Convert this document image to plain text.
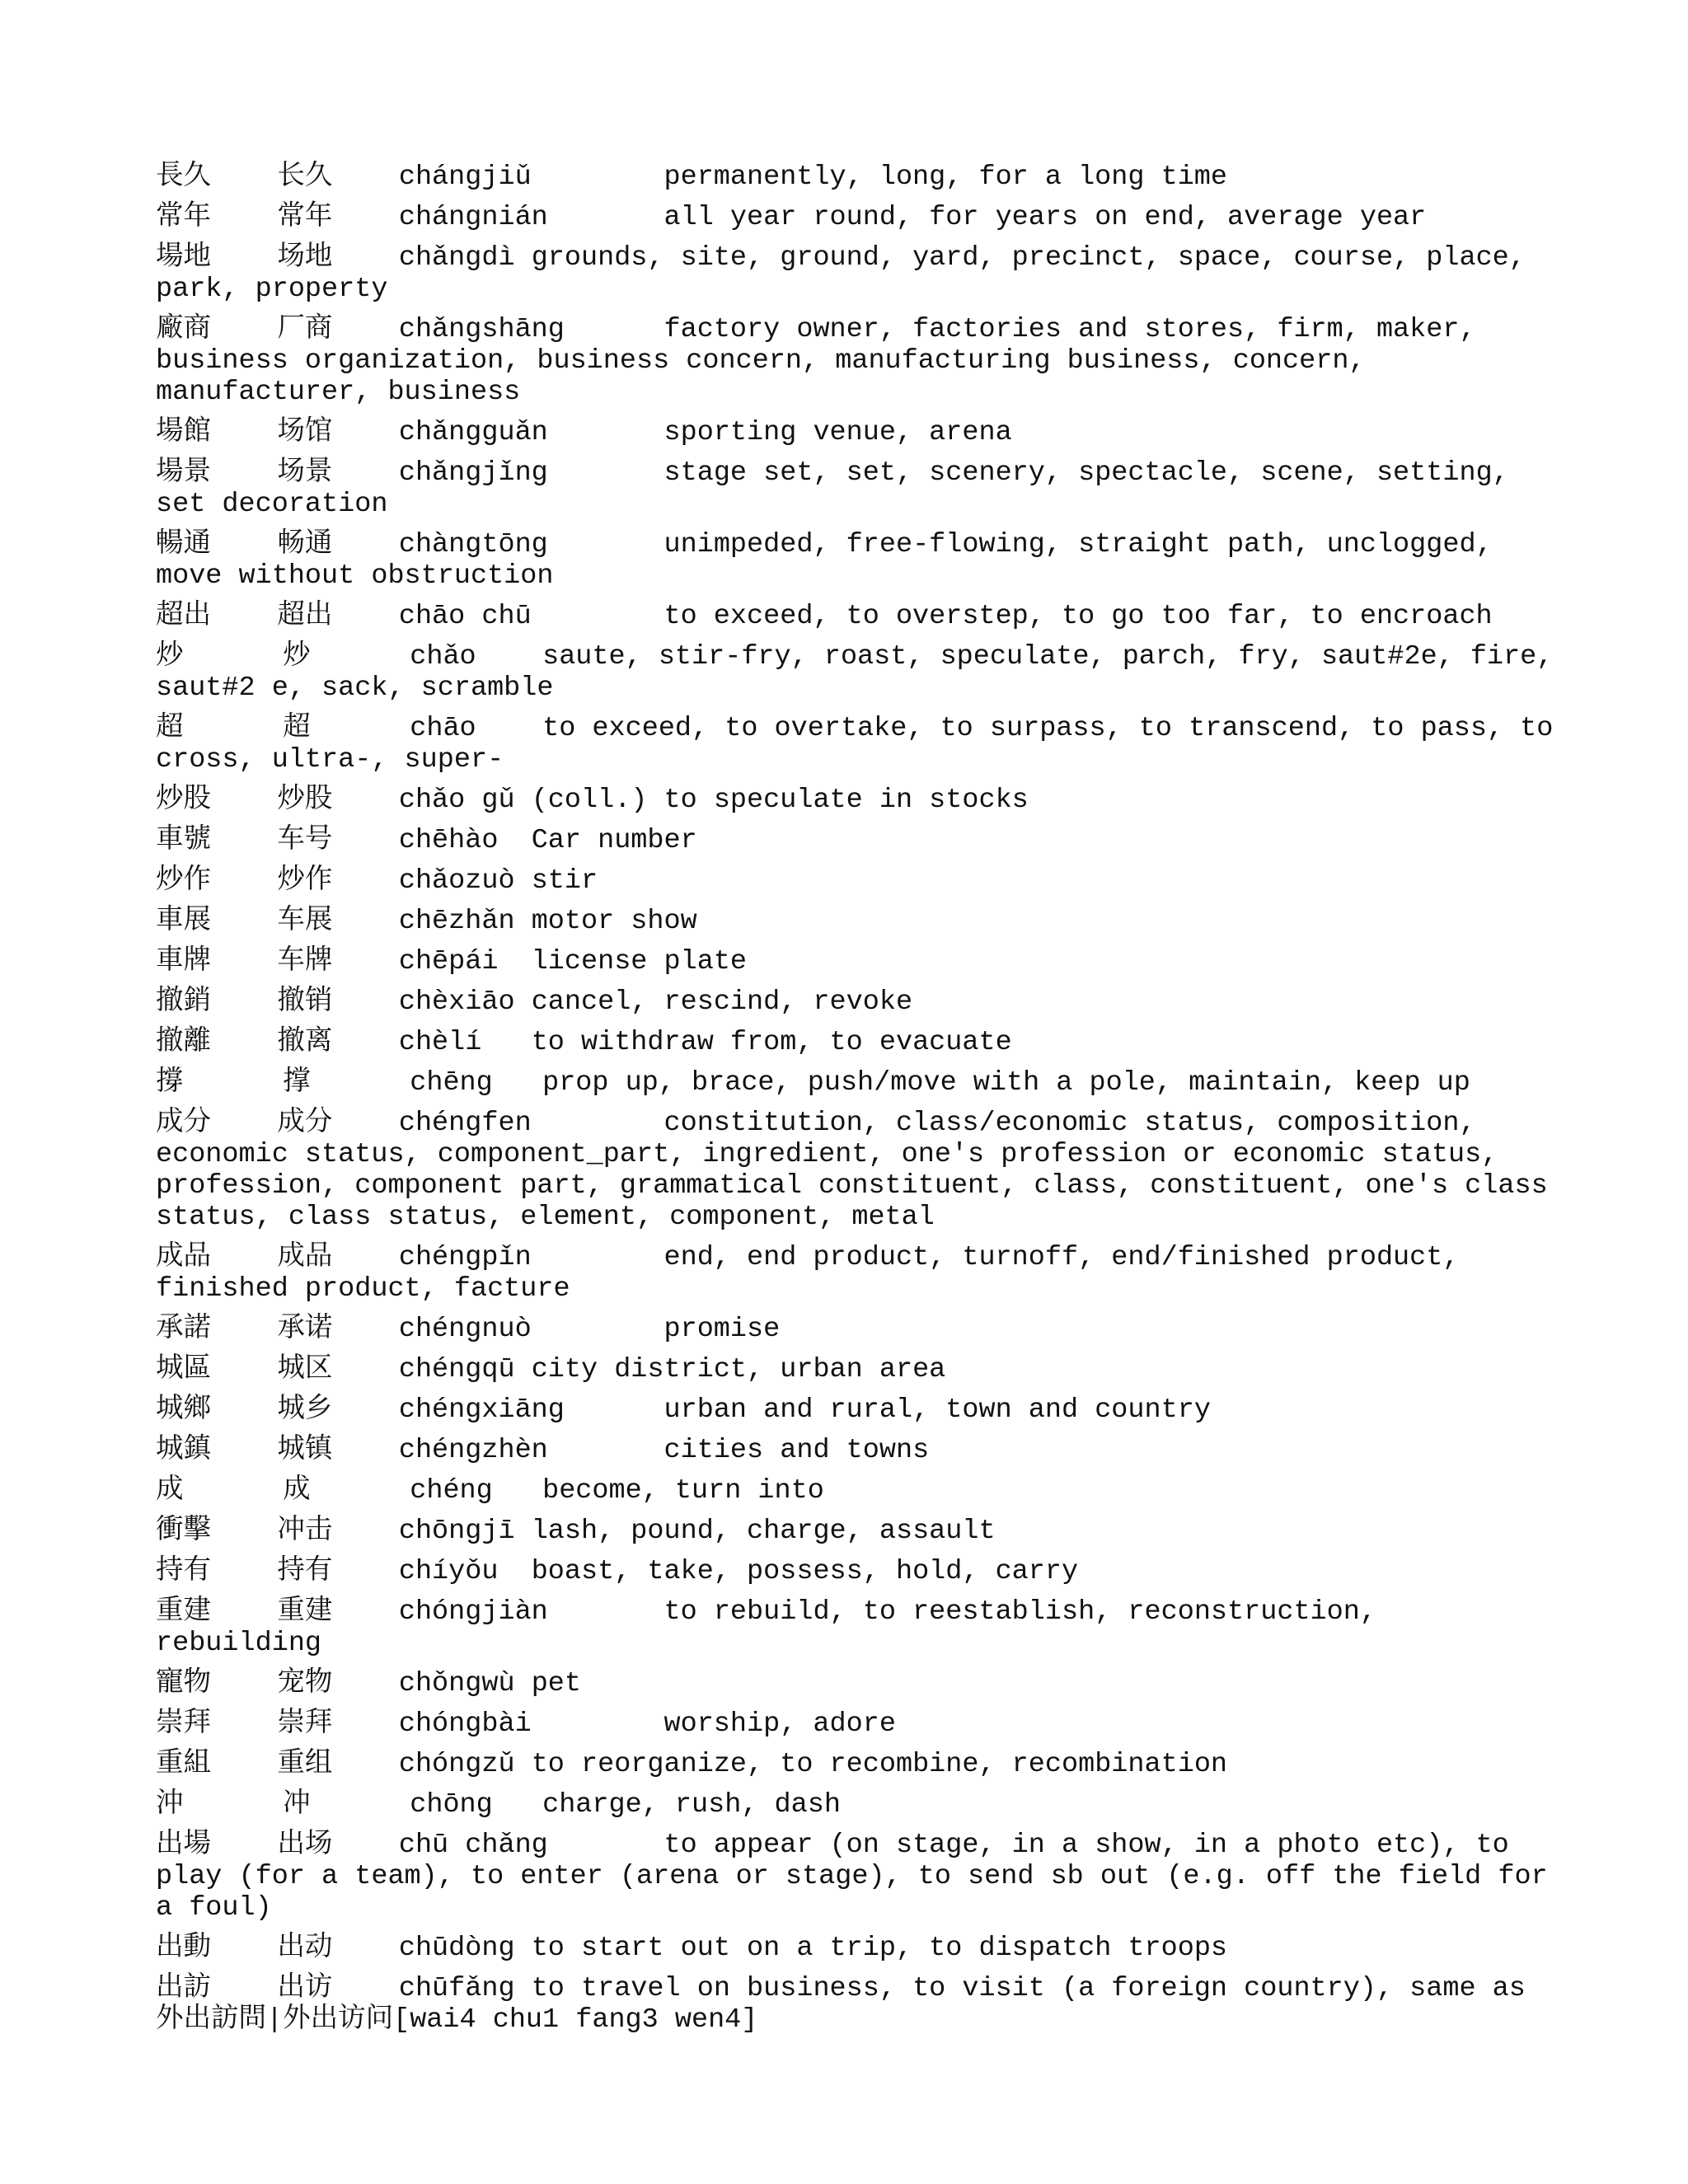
長久 长久 chángjiǔ	permanently, long, for a long time

常年 常年 chángnián	all year round, for years on end, average year

場地 场地 chǎngdì grounds, site, ground, yard, precinct, space, course, place, park, property

廠商 厂商 chǎngshāng	factory owner, factories and stores, firm, maker, business organization, business concern, manufacturing business, concern, manufacturer, business

場館 场馆 chǎngguǎn	sporting venue, arena

場景 场景 chǎngjǐng	stage set, set, scenery, spectacle, scene, setting, set decoration

暢通 畅通 chàngtōng	unimpeded, free-flowing, straight path, unclogged, move without obstruction

超出 超出 chāo chū	to exceed, to overstep, to go too far, to encroach

炒	炒	chǎo saute, stir-fry, roast, speculate, parch, fry, saut#2e, fire, saut#2 e, sack, scramble

超	超	chāo to exceed, to overtake, to surpass, to transcend, to pass, to cross, ultra-, super-

炒股 炒股 chǎo gǔ (coll.) to speculate in stocks

車號 车号 chēhào Car number

炒作 炒作 chǎozuò stir

車展 车展 chēzhǎn motor show

車牌 车牌 chēpái license plate

撤銷 撤销 chèxiāo cancel, rescind, revoke

撤離 撤离 chèlí to withdraw from, to evacuate

撐	撑	chēng prop up, brace, push/move with a pole, maintain, keep up

成分 成分 chéngfen	constitution, class/economic status, composition, economic status, component_part, ingredient, one's profession or economic status, profession, component part, grammatical constituent, class, constituent, one's class status, class status, element, component, metal

成品 成品 chéngpǐn	end, end product, turnoff, end/finished product, finished product, facture

承諾 承诺 chéngnuò	promise

城區 城区 chéngqū city district, urban area

城鄉 城乡 chéngxiāng	urban and rural, town and country

城鎮 城镇 chéngzhèn	cities and towns

成	成	chéng become, turn into

衝擊 冲击 chōngjī lash, pound, charge, assault

持有 持有 chíyǒu boast, take, possess, hold, carry

重建 重建 chóngjiàn	to rebuild, to reestablish, reconstruction, rebuilding

寵物 宠物 chǒngwù pet

崇拜 崇拜 chóngbài	worship, adore

重組 重组 chóngzǔ to reorganize, to recombine, recombination

沖	冲	chōng charge, rush, dash

出場 出场 chū chǎng	to appear (on stage, in a show, in a photo etc), to play (for a team), to enter (arena or stage), to send sb out (e.g. off the field for a foul)

出動 出动 chūdòng to start out on a trip, to dispatch troops

出訪 出访 chūfǎng to travel on business, to visit (a foreign country), same as 外出訪問|外出访问[wai4 chu1 fang3 wen4]
